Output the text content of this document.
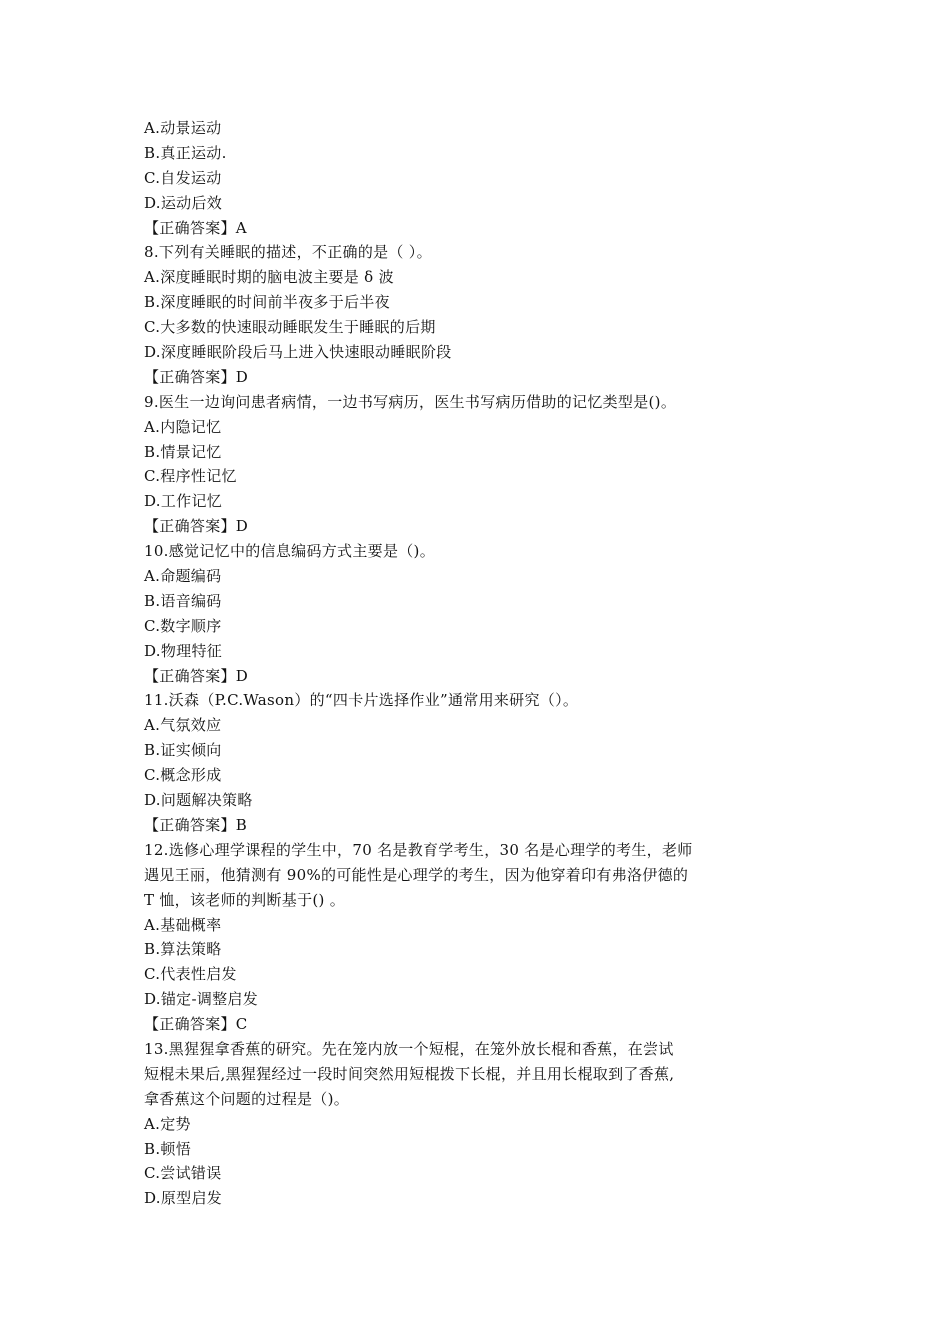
A.动景运动
B.真正运动.
C.自发运动
D.运动后效
【正确答案】A
8.下列有关睡眠的描述，不正确的是（ ）。
A.深度睡眠时期的脑电波主要是 δ 波
B.深度睡眠的时间前半夜多于后半夜
C.大多数的快速眼动睡眠发生于睡眠的后期
D.深度睡眠阶段后马上进入快速眼动睡眠阶段
【正确答案】D
9.医生一边询问患者病情，一边书写病历，医生书写病历借助的记忆类型是()。
A.内隐记忆
B.情景记忆
C.程序性记忆
D.工作记忆
【正确答案】D
10.感觉记忆中的信息编码方式主要是（)。
A.命题编码
B.语音编码
C.数字顺序
D.物理特征
【正确答案】D
11.沃森（P.C.Wason）的“四卡片选择作业”通常用来研究（）。
A.气氛效应
B.证实倾向
C.概念形成
D.问题解决策略
【正确答案】B
12.选修心理学课程的学生中，70 名是教育学考生，30 名是心理学的考生，老师
遇见王丽，他猜测有 90%的可能性是心理学的考生，因为他穿着印有弗洛伊德的
T 恤，该老师的判断基于() 。
A.基础概率
B.算法策略
C.代表性启发
D.锚定-调整启发
【正确答案】C
13.黑猩猩拿香蕉的研究。先在笼内放一个短棍，在笼外放长棍和香蕉，在尝试
短棍未果后,黑猩猩经过一段时间突然用短棍拨下长棍，并且用长棍取到了香蕉,
拿香蕉这个问题的过程是（)。
A.定势
B.顿悟
C.尝试错误
D.原型启发
